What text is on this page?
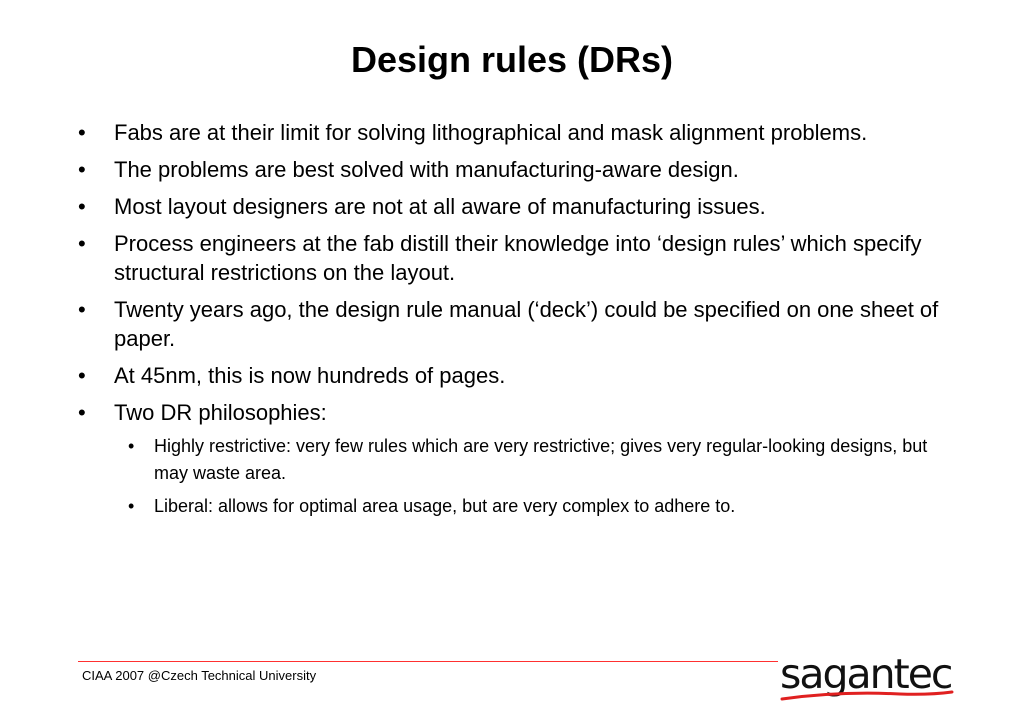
Design rules (DRs)
• Fabs are at their limit for solving lithographical and mask alignment problems.
• The problems are best solved with manufacturing-aware design.
• Most layout designers are not at all aware of manufacturing issues.
• Process engineers at the fab distill their knowledge into ‘design rules’ which specify structural restrictions on the layout.
• Twenty years ago, the design rule manual (‘deck’) could be specified on one sheet of paper.
• At 45nm, this is now hundreds of pages.
• Two DR philosophies:
• Highly restrictive: very few rules which are very restrictive; gives very regular-looking designs, but may waste area.
• Liberal: allows for optimal area usage, but are very complex to adhere to.
CIAA 2007 @Czech Technical University	sagantec
